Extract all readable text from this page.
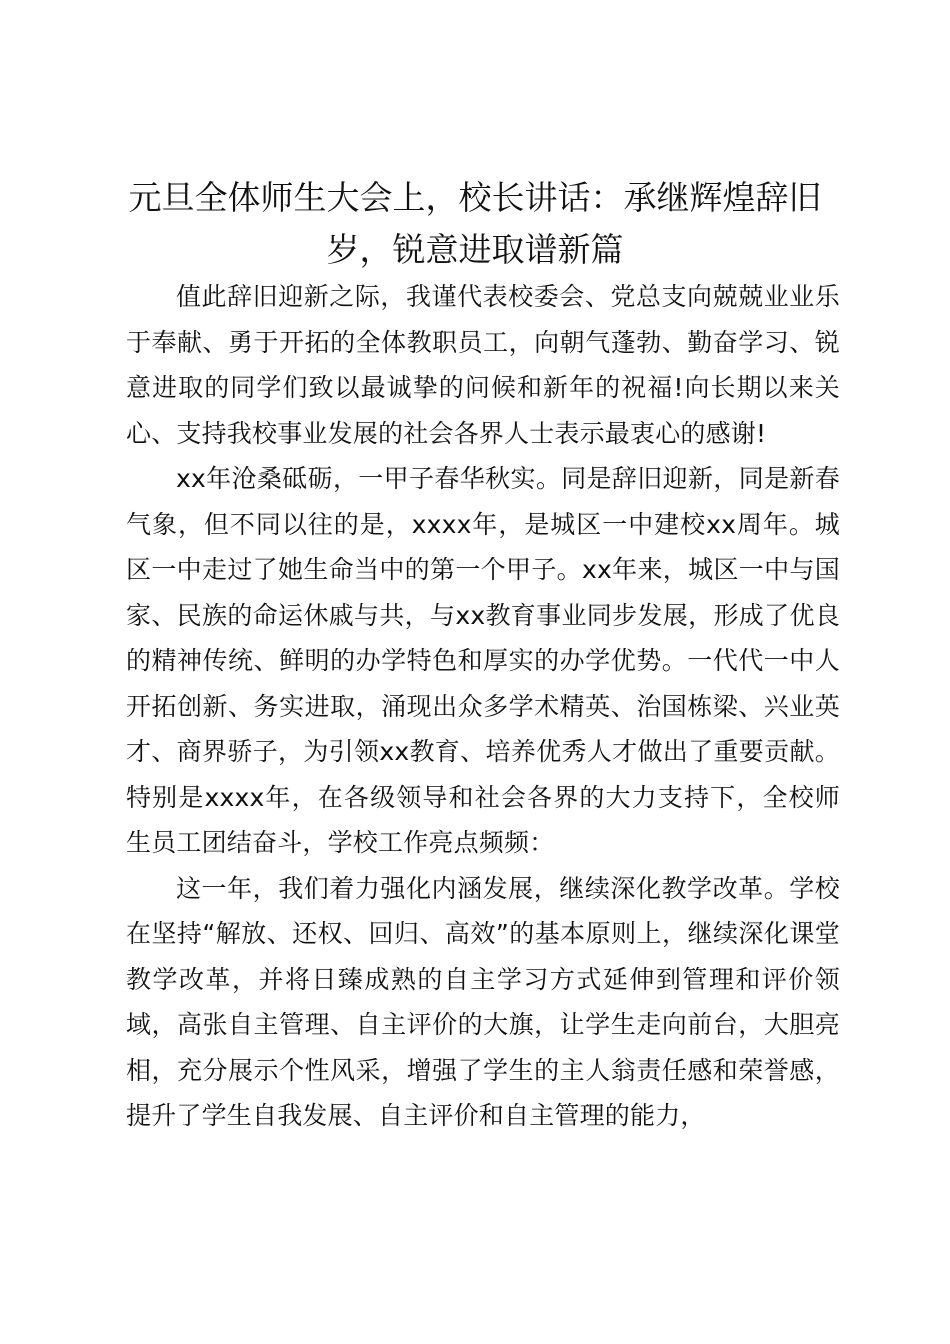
元旦全体师生大会上，校长讲话：承继辉煌辞旧岁，锐意进取谱新篇

值此辞旧迎新之际，我谨代表校委会、党总支向兢兢业业乐于奉献、勇于开拓的全体教职员工，向朝气蓬勃、勤奋学习、锐意进取的同学们致以最诚挚的问候和新年的祝福!向长期以来关心、支持我校事业发展的社会各界人士表示最衷心的感谢!

xx年沧桑砥砺，一甲子春华秋实。同是辞旧迎新，同是新春气象，但不同以往的是，xxxx年，是城区一中建校xx周年。城区一中走过了她生命当中的第一个甲子。xx年来，城区一中与国家、民族的命运休戚与共，与xx教育事业同步发展，形成了优良的精神传统、鲜明的办学特色和厚实的办学优势。一代代一中人开拓创新、务实进取，涌现出众多学术精英、治国栋梁、兴业英才、商界骄子，为引领xx教育、培养优秀人才做出了重要贡献。特别是xxxx年，在各级领导和社会各界的大力支持下，全校师生员工团结奋斗，学校工作亮点频频：

这一年，我们着力强化内涵发展，继续深化教学改革。学校在坚持“解放、还权、回归、高效”的基本原则上，继续深化课堂教学改革，并将日臻成熟的自主学习方式延伸到管理和评价领域，高张自主管理、自主评价的大旗，让学生走向前台，大胆亮相，充分展示个性风采，增强了学生的主人翁责任感和荣誉感，提升了学生自我发展、自主评价和自主管理的能力，
